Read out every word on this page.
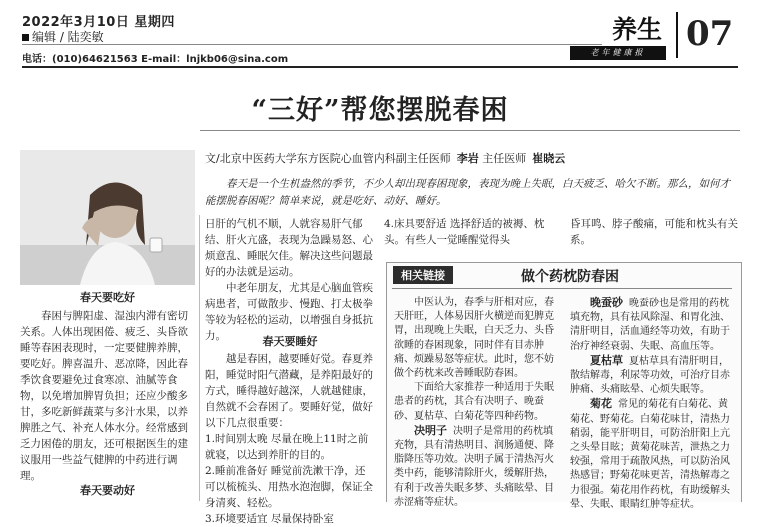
2022年3月10日 星期四
编辑 / 陆奕敏
电话：(010)64621563 E-mail：lnjkb06@sina.com
养生
老年健康报	07
“三好”帮您摆脱春困
文/北京中医药大学东方医院心血管内科副主任医师 李岩 主任医师 崔晓云
春天是一个生机盎然的季节，不少人却出现春困现象，表现为晚上失眠，白天疲乏、哈欠不断。那么，如何才能摆脱春困呢？简单来说，就是吃好、动好、睡好。
春天要吃好

春困与脾阳虚、湿浊内滞有密切关系。人体出现困倦、疲乏、头昏欲睡等春困表现时，一定要健脾养脾，要吃好。脾喜温升、恶凉降，因此春季饮食要避免过食寒凉、油腻等食物，以免增加脾胃负担；还应少酸多甘，多吃新鲜蔬菜与多汁水果，以养脾胜之气、补充人体水分。经常感到乏力困倦的朋友，还可根据医生的建议服用一些益气健脾的中药进行调理。

春天要动好

日肝的气机不顺，人就容易肝气郁结、肝火亢盛，表现为急躁易怒、心烦意乱、睡眠欠佳。解决这些问题最好的办法就是运动。

中老年朋友，尤其是心脑血管疾病患者，可做散步、慢跑、打太极拳等较为轻松的运动，以增强自身抵抗力。	春天要睡好

越是春困，越要睡好觉。春夏养阳，睡觉时阳气潜藏，是养阳最好的方式，睡得越好越深，人就越健康，自然就不会春困了。要睡好觉，做好以下几点很重要：

1.时间别太晚 尽量在晚上11时之前就寝，以达到养肝的目的。

2.睡前准备好 睡觉前洗漱干净，还可以梳梳头、用热水泡泡脚，保证全身清爽、轻松。

3.环境要适宜 尽量保持卧室

4.床具要舒适 选择舒适的被褥、枕头。有些人一觉睡醒觉得头

昏耳鸣、脖子酸痛，可能和枕头有关系。

相关链接	做个药枕防春困

中医认为，春季与肝相对应，春天肝旺，人体易因肝火横逆而犯脾克胃，出现晚上失眠，白天乏力、头昏欲睡的春困现象，同时伴有目赤肿痛、烦躁易怒等症状。此时，您不妨做个药枕来改善睡眠防春困。

下面给大家推荐一种适用于失眠患者的药枕，其合有决明子、晚蚕砂、夏枯草、白菊花等四种药物。

决明子 决明子是常用的药枕填充物，具有清热明目、润肠通便、降脂降压等功效。决明子属于清热泻火类中药，能够清除肝火，缓解肝热，有利于改善失眠多梦、头痛眩晕、目赤涩痛等症状。

晚蚕砂 晚蚕砂也是常用的药枕填充物，具有祛风除湿、和胃化浊、清肝明目，活血通经等功效，有助于治疗神经衰弱、失眠、高血压等。

夏枯草 夏枯草具有清肝明目，散结解毒，利尿等功效，可治疗目赤肿痛、头痛眩晕、心烦失眠等。

菊花 常见的菊花有白菊花、黄菊花、野菊花。白菊花味甘，清热力稍弱，能平肝明目，可防治肝阳上亢之头晕目眩；黄菊花味苦，泄热之力较强，常用于疏散风热，可以防治风热感冒；野菊花味更苦，清热解毒之力很强。菊花用作药枕，有助缓解头晕、失眠、眼睛红肿等症状。
